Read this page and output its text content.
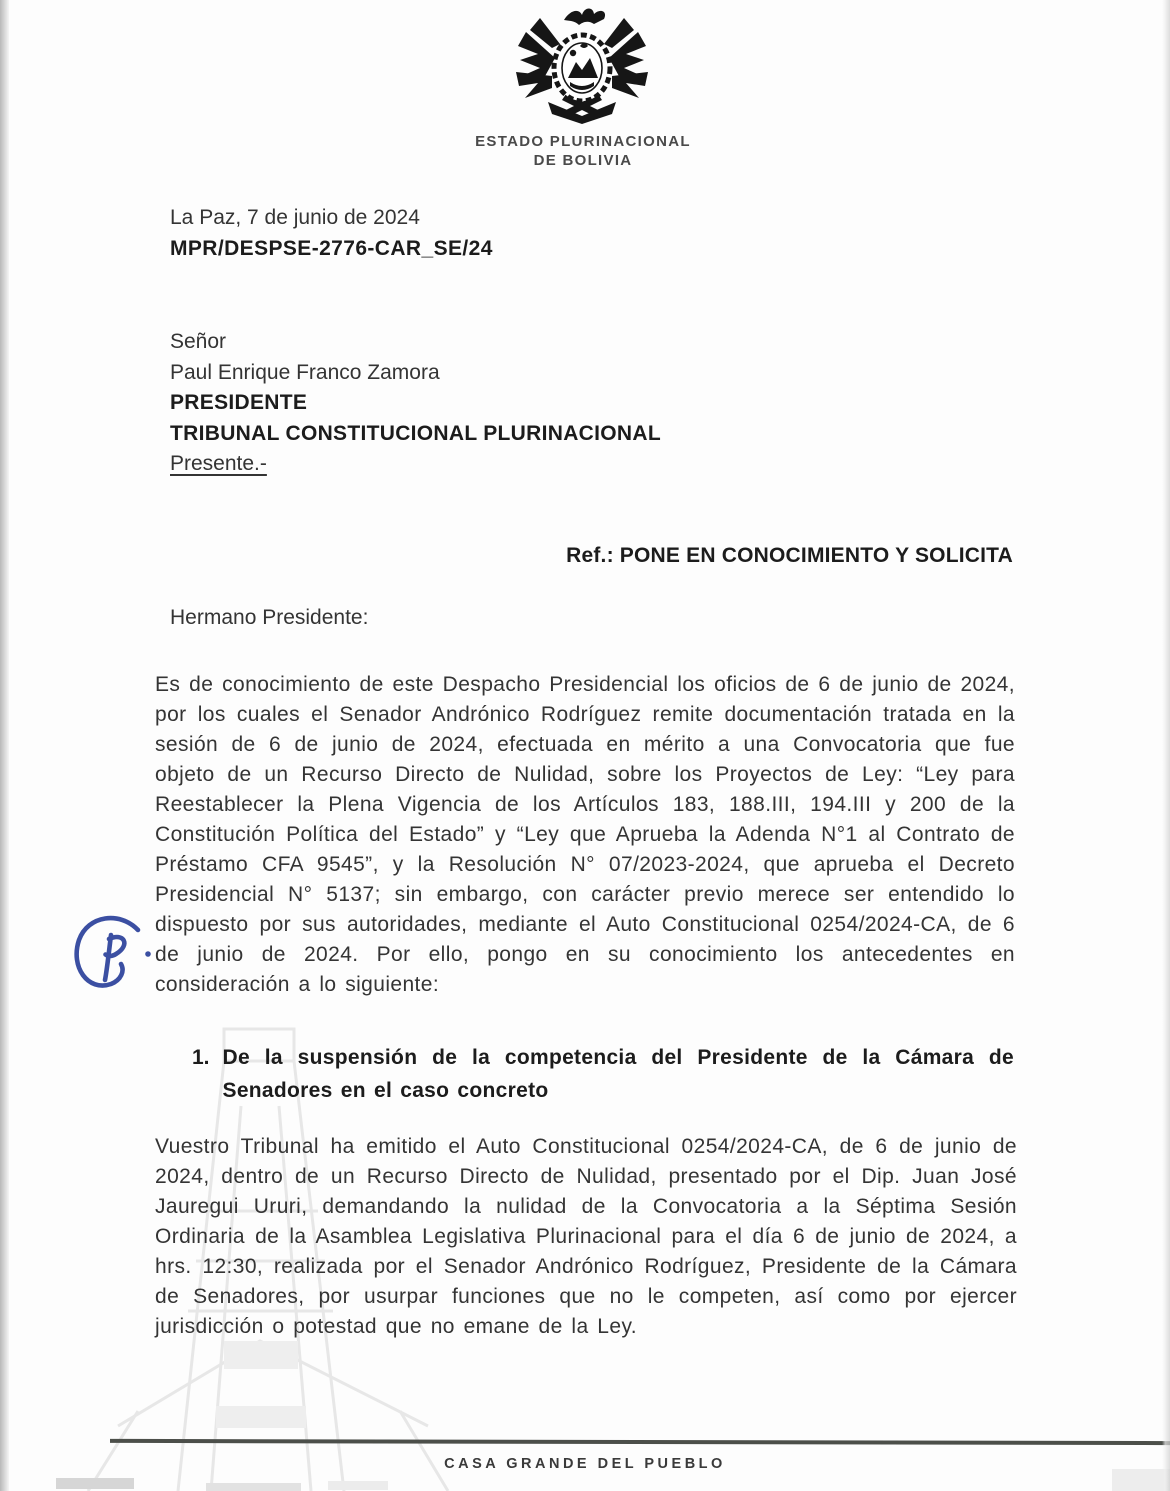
ESTADO PLURINACIONAL
DE BOLIVIA
La Paz, 7 de junio de 2024
MPR/DESPSE-2776-CAR_SE/24
Señor
Paul Enrique Franco Zamora
PRESIDENTE
TRIBUNAL CONSTITUCIONAL PLURINACIONAL
Presente.-
Ref.: PONE EN CONOCIMIENTO Y SOLICITA
Hermano Presidente:

Es de conocimiento de este Despacho Presidencial los oficios de 6 de junio de 2024, por los cuales el Senador Andrónico Rodríguez remite documentación tratada en la sesión de 6 de junio de 2024, efectuada en mérito a una Convocatoria que fue objeto de un Recurso Directo de Nulidad, sobre los Proyectos de Ley: “Ley para Reestablecer la Plena Vigencia de los Artículos 183, 188.III, 194.III y 200 de la Constitución Política del Estado” y “Ley que Aprueba la Adenda N°1 al Contrato de Préstamo CFA 9545”, y la Resolución N° 07/2023-2024, que aprueba el Decreto Presidencial N° 5137; sin embargo, con carácter previo merece ser entendido lo dispuesto por sus autoridades, mediante el Auto Constitucional 0254/2024-CA, de 6 de junio de 2024. Por ello, pongo en su conocimiento los antecedentes en consideración a lo siguiente:

1. De la suspensión de la competencia del Presidente de la Cámara de Senadores en el caso concreto

Vuestro Tribunal ha emitido el Auto Constitucional 0254/2024-CA, de 6 de junio de 2024, dentro de un Recurso Directo de Nulidad, presentado por el Dip. Juan José Jauregui Ururi, demandando la nulidad de la Convocatoria a la Séptima Sesión Ordinaria de la Asamblea Legislativa Plurinacional para el día 6 de junio de 2024, a hrs. 12:30, realizada por el Senador Andrónico Rodríguez, Presidente de la Cámara de Senadores, por usurpar funciones que no le competen, así como por ejercer jurisdicción o potestad que no emane de la Ley.

CASA GRANDE DEL PUEBLO
